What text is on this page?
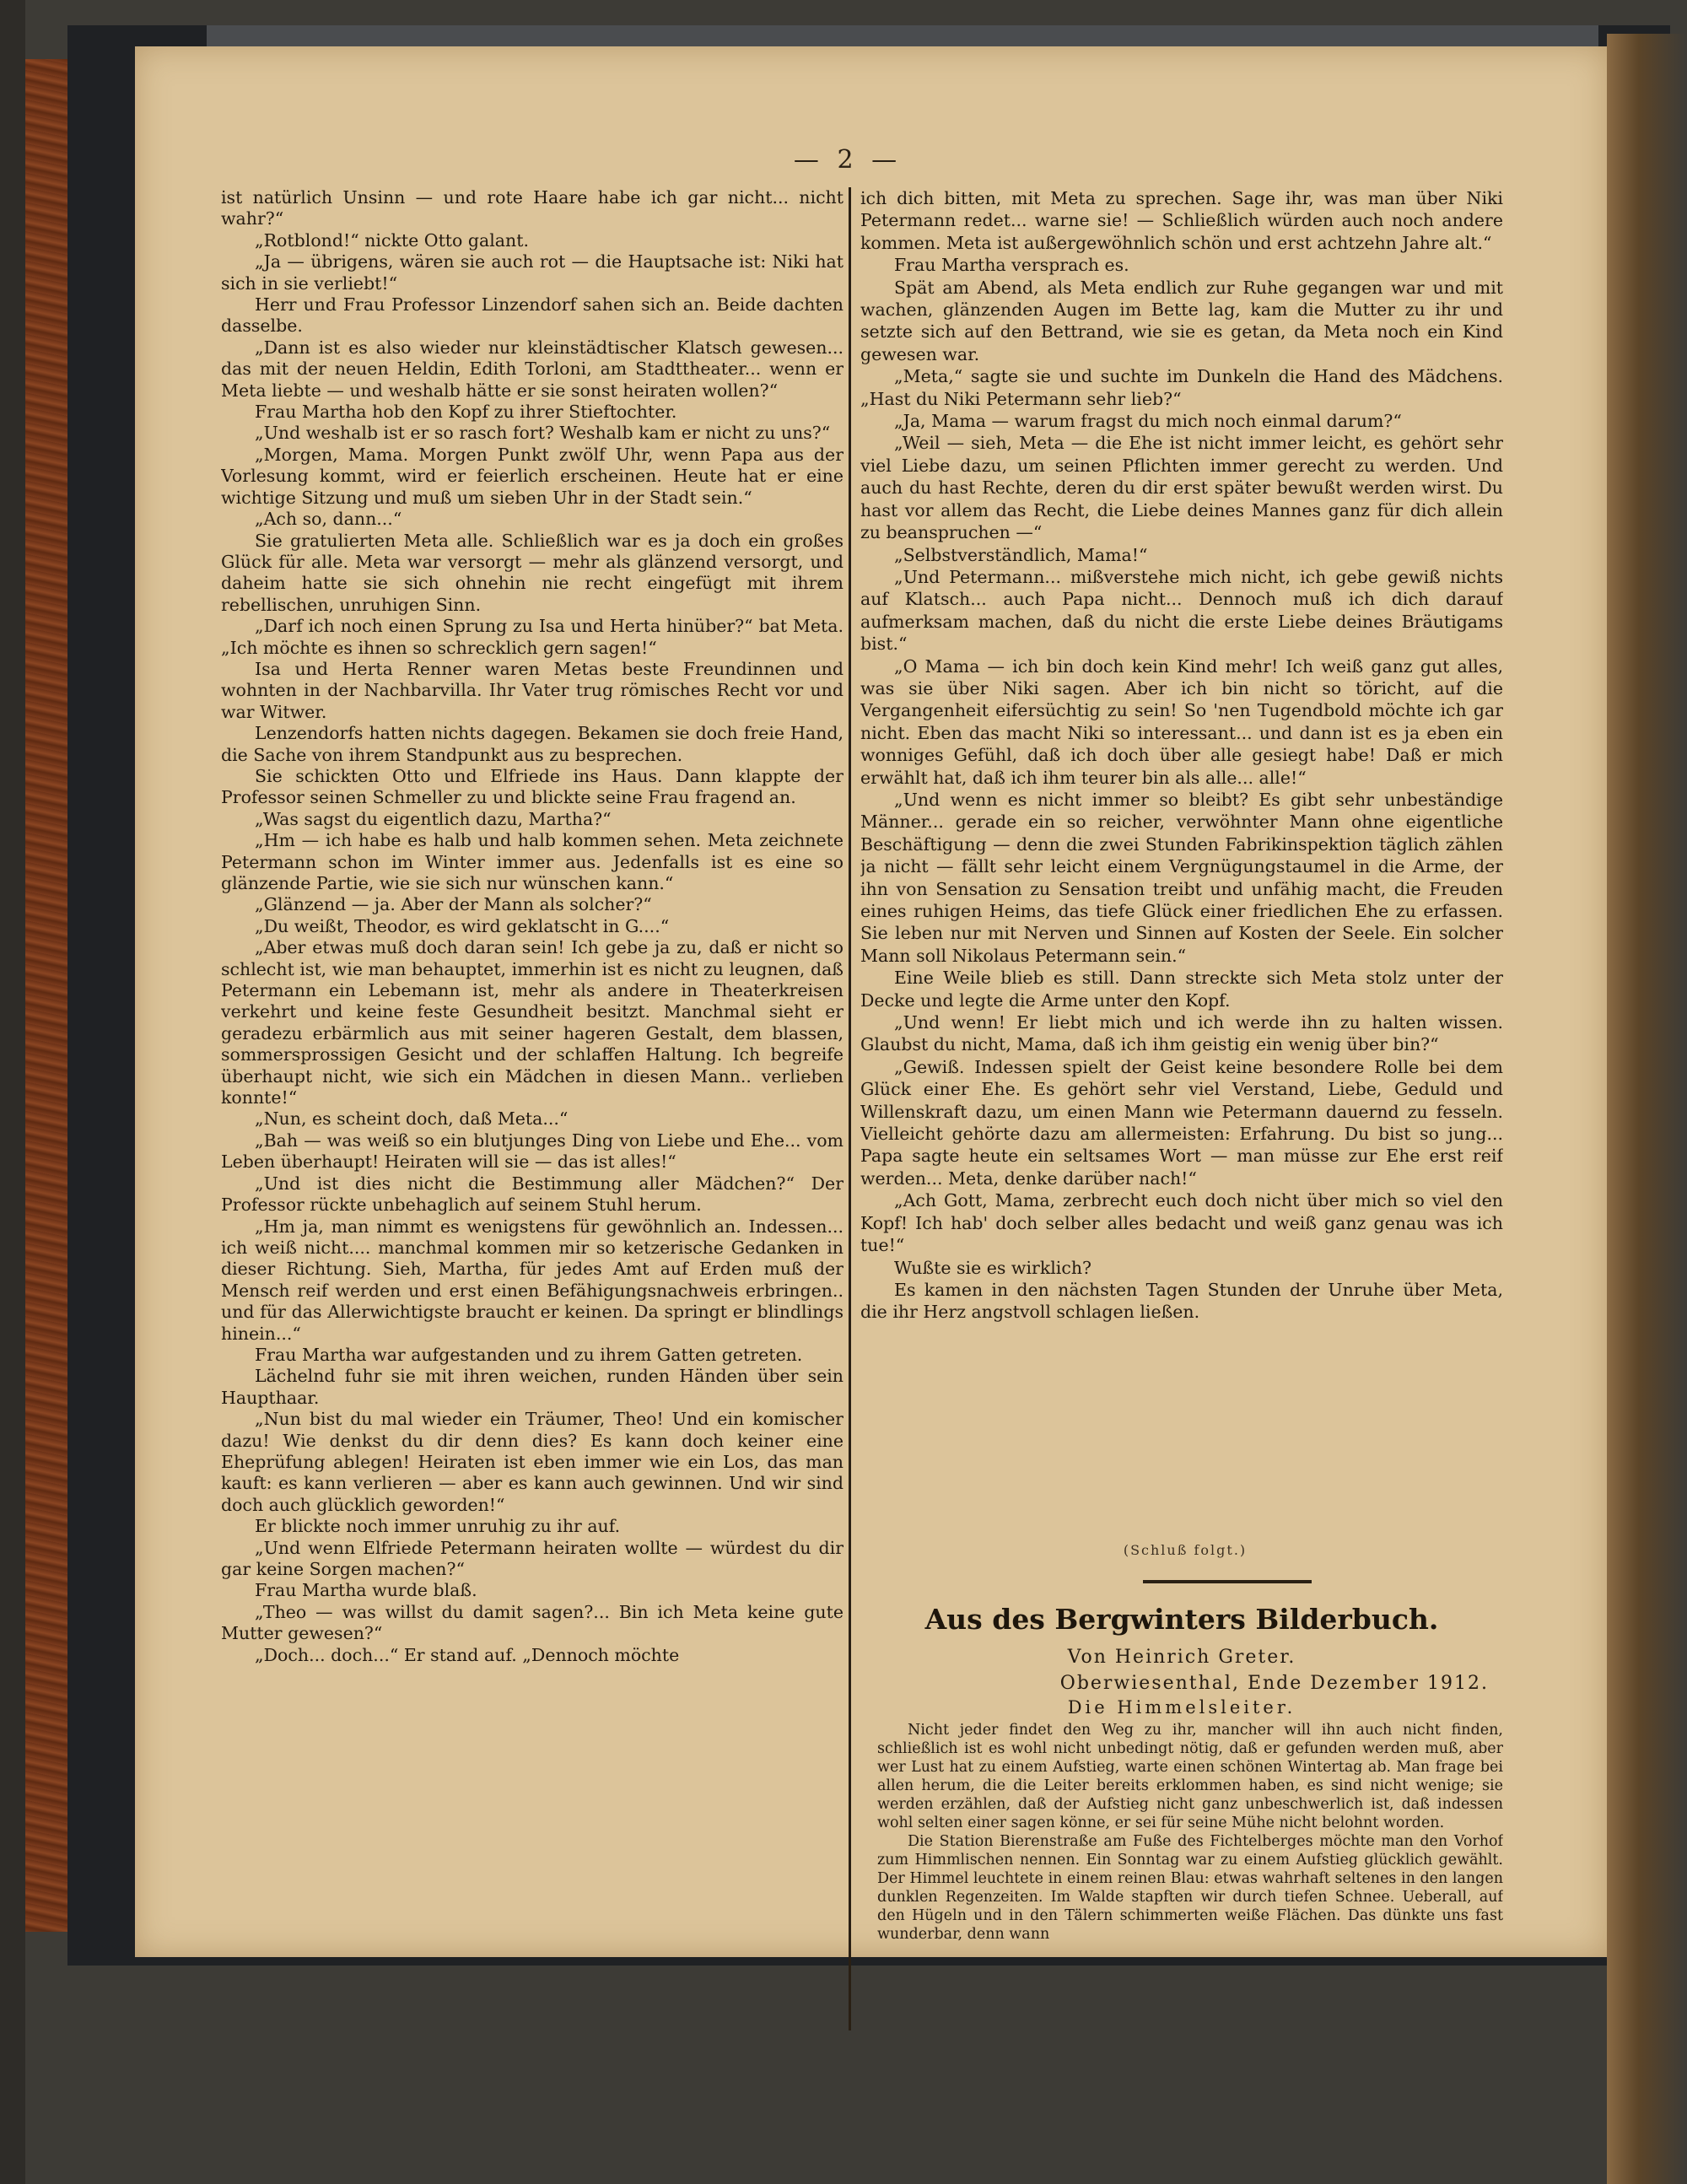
— 2 —

ist natürlich Unsinn — und rote Haare habe ich gar nicht... nicht wahr?“

„Rotblond!“ nickte Otto galant.

„Ja — übrigens, wären sie auch rot — die Hauptsache ist: Niki hat sich in sie verliebt!“

Herr und Frau Professor Linzendorf sahen sich an. Beide dachten dasselbe.

„Dann ist es also wieder nur kleinstädtischer Klatsch gewesen... das mit der neuen Heldin, Edith Torloni, am Stadttheater... wenn er Meta liebte — und weshalb hätte er sie sonst heiraten wollen?“

Frau Martha hob den Kopf zu ihrer Stieftochter.

„Und weshalb ist er so rasch fort? Weshalb kam er nicht zu uns?“

„Morgen, Mama. Morgen Punkt zwölf Uhr, wenn Papa aus der Vorlesung kommt, wird er feierlich erscheinen. Heute hat er eine wichtige Sitzung und muß um sieben Uhr in der Stadt sein.“

„Ach so, dann...“

Sie gratulierten Meta alle. Schließlich war es ja doch ein großes Glück für alle. Meta war versorgt — mehr als glänzend versorgt, und daheim hatte sie sich ohnehin nie recht eingefügt mit ihrem rebellischen, unruhigen Sinn.

„Darf ich noch einen Sprung zu Isa und Herta hinüber?“ bat Meta. „Ich möchte es ihnen so schrecklich gern sagen!“

Isa und Herta Renner waren Metas beste Freundinnen und wohnten in der Nachbarvilla. Ihr Vater trug römisches Recht vor und war Witwer.

Lenzendorfs hatten nichts dagegen. Bekamen sie doch freie Hand, die Sache von ihrem Standpunkt aus zu besprechen.

Sie schickten Otto und Elfriede ins Haus. Dann klappte der Professor seinen Schmeller zu und blickte seine Frau fragend an.

„Was sagst du eigentlich dazu, Martha?“

„Hm — ich habe es halb und halb kommen sehen. Meta zeichnete Petermann schon im Winter immer aus. Jedenfalls ist es eine so glänzende Partie, wie sie sich nur wünschen kann.“

„Glänzend — ja. Aber der Mann als solcher?“

„Du weißt, Theodor, es wird geklatscht in G....“

„Aber etwas muß doch daran sein! Ich gebe ja zu, daß er nicht so schlecht ist, wie man behauptet, immerhin ist es nicht zu leugnen, daß Petermann ein Lebemann ist, mehr als andere in Theaterkreisen verkehrt und keine feste Gesundheit besitzt. Manchmal sieht er geradezu erbärmlich aus mit seiner hageren Gestalt, dem blassen, sommersprossigen Gesicht und der schlaffen Haltung. Ich begreife überhaupt nicht, wie sich ein Mädchen in diesen Mann.. verlieben konnte!“

„Nun, es scheint doch, daß Meta...“

„Bah — was weiß so ein blutjunges Ding von Liebe und Ehe... vom Leben überhaupt! Heiraten will sie — das ist alles!“

„Und ist dies nicht die Bestimmung aller Mädchen?“ Der Professor rückte unbehaglich auf seinem Stuhl herum.

„Hm ja, man nimmt es wenigstens für gewöhnlich an. Indessen... ich weiß nicht.... manchmal kommen mir so ketzerische Gedanken in dieser Richtung. Sieh, Martha, für jedes Amt auf Erden muß der Mensch reif werden und erst einen Befähigungsnachweis erbringen.. und für das Allerwichtigste braucht er keinen. Da springt er blindlings hinein...“

Frau Martha war aufgestanden und zu ihrem Gatten getreten.

Lächelnd fuhr sie mit ihren weichen, runden Händen über sein Haupthaar.

„Nun bist du mal wieder ein Träumer, Theo! Und ein komischer dazu! Wie denkst du dir denn dies? Es kann doch keiner eine Eheprüfung ablegen! Heiraten ist eben immer wie ein Los, das man kauft: es kann verlieren — aber es kann auch gewinnen. Und wir sind doch auch glücklich geworden!“

Er blickte noch immer unruhig zu ihr auf.

„Und wenn Elfriede Petermann heiraten wollte — würdest du dir gar keine Sorgen machen?“

Frau Martha wurde blaß.

„Theo — was willst du damit sagen?... Bin ich Meta keine gute Mutter gewesen?“

„Doch... doch...“ Er stand auf. „Dennoch möchte

ich dich bitten, mit Meta zu sprechen. Sage ihr, was man über Niki Petermann redet... warne sie! — Schließlich würden auch noch andere kommen. Meta ist außergewöhnlich schön und erst achtzehn Jahre alt.“

Frau Martha versprach es.

Spät am Abend, als Meta endlich zur Ruhe gegangen war und mit wachen, glänzenden Augen im Bette lag, kam die Mutter zu ihr und setzte sich auf den Bettrand, wie sie es getan, da Meta noch ein Kind gewesen war.

„Meta,“ sagte sie und suchte im Dunkeln die Hand des Mädchens. „Hast du Niki Petermann sehr lieb?“

„Ja, Mama — warum fragst du mich noch einmal darum?“

„Weil — sieh, Meta — die Ehe ist nicht immer leicht, es gehört sehr viel Liebe dazu, um seinen Pflichten immer gerecht zu werden. Und auch du hast Rechte, deren du dir erst später bewußt werden wirst. Du hast vor allem das Recht, die Liebe deines Mannes ganz für dich allein zu beanspruchen —“

„Selbstverständlich, Mama!“

„Und Petermann... mißverstehe mich nicht, ich gebe gewiß nichts auf Klatsch... auch Papa nicht... Dennoch muß ich dich darauf aufmerksam machen, daß du nicht die erste Liebe deines Bräutigams bist.“

„O Mama — ich bin doch kein Kind mehr! Ich weiß ganz gut alles, was sie über Niki sagen. Aber ich bin nicht so töricht, auf die Vergangenheit eifersüchtig zu sein! So 'nen Tugendbold möchte ich gar nicht. Eben das macht Niki so interessant... und dann ist es ja eben ein wonniges Gefühl, daß ich doch über alle gesiegt habe! Daß er mich erwählt hat, daß ich ihm teurer bin als alle... alle!“

„Und wenn es nicht immer so bleibt? Es gibt sehr unbeständige Männer... gerade ein so reicher, verwöhnter Mann ohne eigentliche Beschäftigung — denn die zwei Stunden Fabrikinspektion täglich zählen ja nicht — fällt sehr leicht einem Vergnügungstaumel in die Arme, der ihn von Sensation zu Sensation treibt und unfähig macht, die Freuden eines ruhigen Heims, das tiefe Glück einer friedlichen Ehe zu erfassen. Sie leben nur mit Nerven und Sinnen auf Kosten der Seele. Ein solcher Mann soll Nikolaus Petermann sein.“

Eine Weile blieb es still. Dann streckte sich Meta stolz unter der Decke und legte die Arme unter den Kopf.

„Und wenn! Er liebt mich und ich werde ihn zu halten wissen. Glaubst du nicht, Mama, daß ich ihm geistig ein wenig über bin?“

„Gewiß. Indessen spielt der Geist keine besondere Rolle bei dem Glück einer Ehe. Es gehört sehr viel Verstand, Liebe, Geduld und Willenskraft dazu, um einen Mann wie Petermann dauernd zu fesseln. Vielleicht gehörte dazu am allermeisten: Erfahrung. Du bist so jung... Papa sagte heute ein seltsames Wort — man müsse zur Ehe erst reif werden... Meta, denke darüber nach!“

„Ach Gott, Mama, zerbrecht euch doch nicht über mich so viel den Kopf! Ich hab' doch selber alles bedacht und weiß ganz genau was ich tue!“

Wußte sie es wirklich?

Es kamen in den nächsten Tagen Stunden der Unruhe über Meta, die ihr Herz angstvoll schlagen ließen.

(Schluß folgt.)
Aus des Bergwinters Bilderbuch.
Von Heinrich Greter.
Oberwiesenthal, Ende Dezember 1912.
Die Himmelsleiter.

Nicht jeder findet den Weg zu ihr, mancher will ihn auch nicht finden, schließlich ist es wohl nicht unbedingt nötig, daß er gefunden werden muß, aber wer Lust hat zu einem Aufstieg, warte einen schönen Wintertag ab. Man frage bei allen herum, die die Leiter bereits erklommen haben, es sind nicht wenige; sie werden erzählen, daß der Aufstieg nicht ganz unbeschwerlich ist, daß indessen wohl selten einer sagen könne, er sei für seine Mühe nicht belohnt worden.

Die Station Bierenstraße am Fuße des Fichtelberges möchte man den Vorhof zum Himmlischen nennen. Ein Sonntag war zu einem Aufstieg glücklich gewählt. Der Himmel leuchtete in einem reinen Blau: etwas wahrhaft seltenes in den langen dunklen Regenzeiten. Im Walde stapften wir durch tiefen Schnee. Ueberall, auf den Hügeln und in den Tälern schimmerten weiße Flächen. Das dünkte uns fast wunderbar, denn wann
